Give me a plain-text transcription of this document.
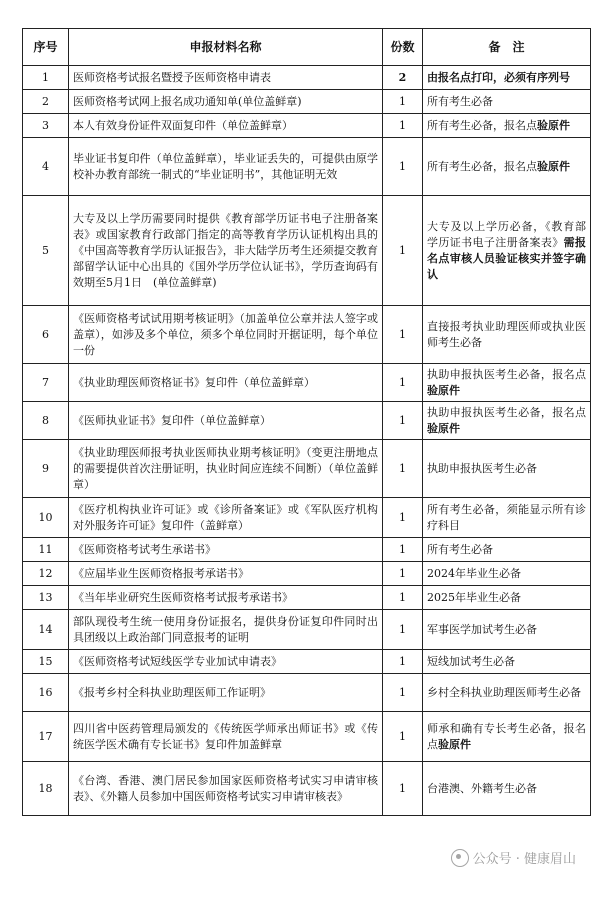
序号	申报材料名称	份数	备　注
1	医师资格考试报名暨授予医师资格申请表	2	由报名点打印，必须有序列号
2	医师资格考试网上报名成功通知单(单位盖鲜章)	1	所有考生必备
3	本人有效身份证件双面复印件（单位盖鲜章）	1	所有考生必备，报名点验原件
4	毕业证书复印件（单位盖鲜章），毕业证丢失的，可提供由原学校补办教育部统一制式的“毕业证明书”，其他证明无效	1	所有考生必备，报名点验原件
5	大专及以上学历需要同时提供《教育部学历证书电子注册备案表》或国家教育行政部门指定的高等教育学历认证机构出具的《中国高等教育学历认证报告》，非大陆学历考生还须提交教育部留学认证中心出具的《国外学历学位认证书》，学历查询码有效期至5月1日　(单位盖鲜章)	1	大专及以上学历必备，《教育部学历证书电子注册备案表》需报名点审核人员验证核实并签字确认
6	《医师资格考试试用期考核证明》（加盖单位公章并法人签字或盖章），如涉及多个单位，须多个单位同时开据证明，每个单位一份	1	直接报考执业助理医师或执业医师考生必备
7	《执业助理医师资格证书》复印件（单位盖鲜章）	1	执助申报执医考生必备，报名点验原件
8	《医师执业证书》复印件（单位盖鲜章）	1	执助申报执医考生必备，报名点验原件
9	《执业助理医师报考执业医师执业期考核证明》（变更注册地点的需要提供首次注册证明，执业时间应连续不间断）（单位盖鲜章）	1	执助申报执医考生必备
10	《医疗机构执业许可证》或《诊所备案证》或《军队医疗机构对外服务许可证》复印件（盖鲜章）	1	所有考生必备，须能显示所有诊疗科目
11	《医师资格考试考生承诺书》	1	所有考生必备
12	《应届毕业生医师资格报考承诺书》	1	2024年毕业生必备
13	《当年毕业研究生医师资格考试报考承诺书》	1	2025年毕业生必备
14	部队现役考生统一使用身份证报名，提供身份证复印件同时出具团级以上政治部门同意报考的证明	1	军事医学加试考生必备
15	《医师资格考试短线医学专业加试申请表》	1	短线加试考生必备
16	《报考乡村全科执业助理医师工作证明》	1	乡村全科执业助理医师考生必备
17	四川省中医药管理局颁发的《传统医学师承出师证书》或《传统医学医术确有专长证书》复印件加盖鲜章	1	师承和确有专长考生必备，报名点验原件
18	《台湾、香港、澳门居民参加国家医师资格考试实习申请审核表》、《外籍人员参加中国医师资格考试实习申请审核表》	1	台港澳、外籍考生必备
公众号 · 健康眉山
